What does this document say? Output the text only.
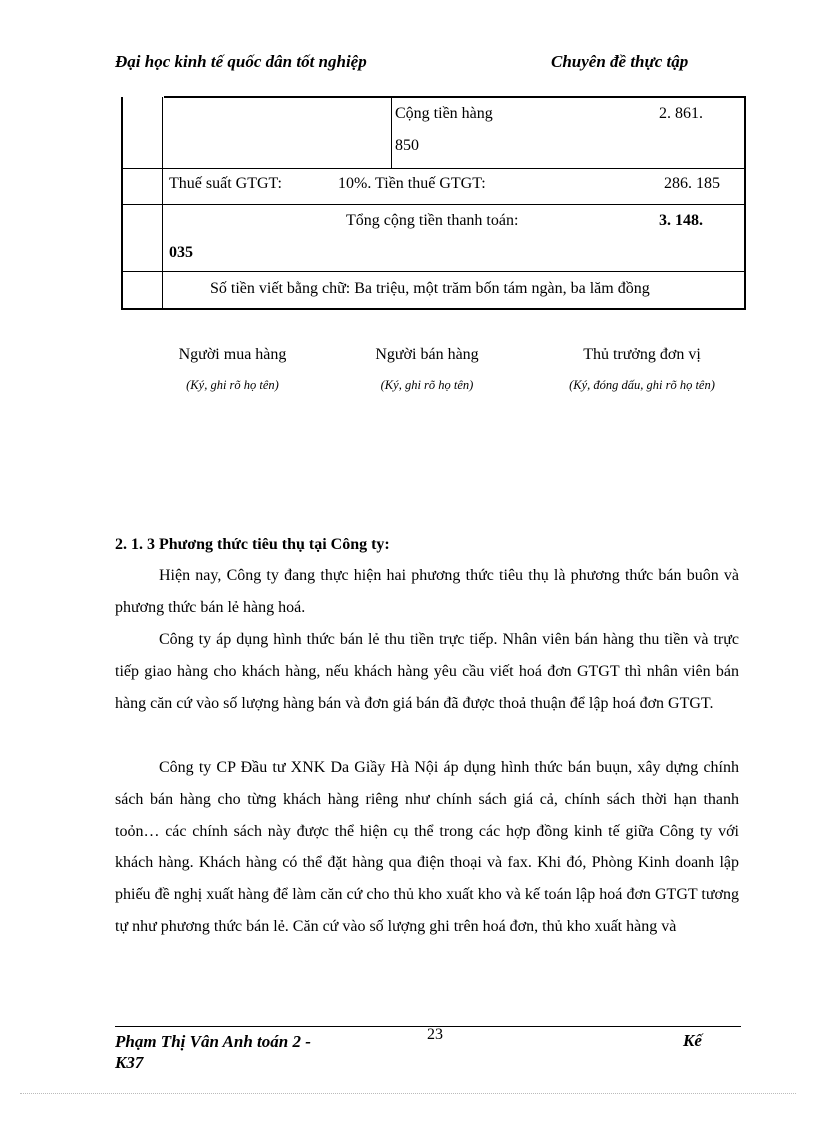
Đại học kinh tế quốc dân tốt nghiệp	Chuyên đề thực tập
Cộng tiền hàng	2. 861.
850
Thuế suất GTGT:	10%. Tiền thuế GTGT:	286. 185
Tổng cộng tiền thanh toán:	3. 148.
035
Số tiền viết bằng chữ: Ba triệu, một trăm bốn tám ngàn, ba lăm đồng
Người mua hàng
(Ký, ghi rõ họ tên)
Người bán hàng
(Ký, ghi rõ họ tên)
Thủ trưởng đơn vị
(Ký, đóng dấu, ghi rõ họ tên)
2. 1. 3 Phương thức tiêu thụ tại Công ty:
Hiện nay, Công ty đang thực hiện hai phương thức tiêu thụ là phương thức bán buôn và phương thức bán lẻ hàng hoá.
Công ty áp dụng hình thức bán lẻ thu tiền trực tiếp. Nhân viên bán hàng thu tiền và trực tiếp giao hàng cho khách hàng, nếu khách hàng yêu cầu viết hoá đơn GTGT thì nhân viên bán hàng căn cứ vào số lượng hàng bán và đơn giá bán đã được thoả thuận để lập hoá đơn GTGT.
Công ty CP Đầu tư XNK Da Giầy Hà Nội áp dụng hình thức bán buụn, xây dựng chính sách bán hàng cho từng khách hàng riêng như chính sách giá cả, chính sách thời hạn thanh toỏn… các chính sách này được thể hiện cụ thể trong các hợp đồng kinh tế giữa Công ty với khách hàng. Khách hàng có thể đặt hàng qua điện thoại và fax. Khi đó, Phòng Kinh doanh lập phiếu đề nghị xuất hàng để làm căn cứ cho thủ kho xuất kho và kế toán lập hoá đơn GTGT tương tự như phương thức bán lẻ. Căn cứ vào số lượng ghi trên hoá đơn, thủ kho xuất hàng và
Phạm Thị Vân Anh toán 2 - K37
23	Kế
